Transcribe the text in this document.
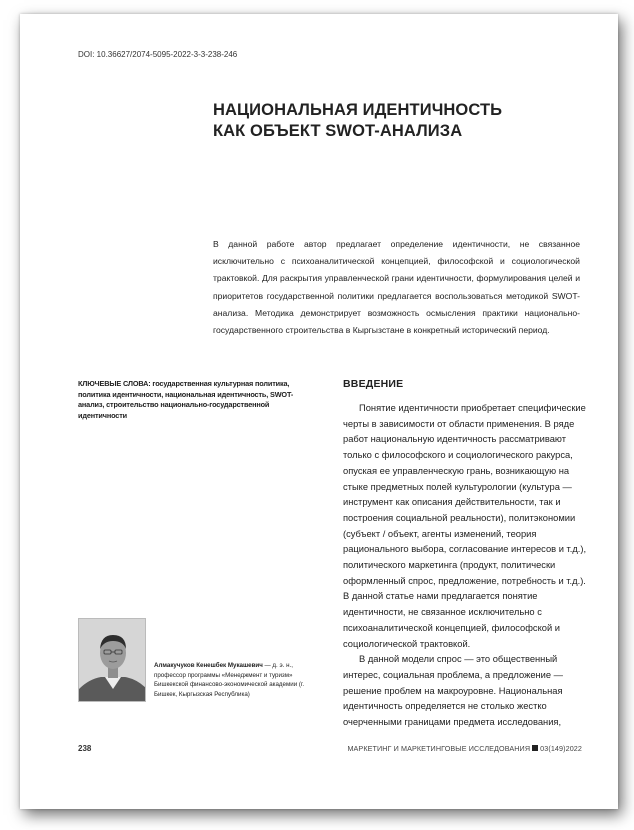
DOI: 10.36627/2074-5095-2022-3-3-238-246
НАЦИОНАЛЬНАЯ ИДЕНТИЧНОСТЬ
КАК ОБЪЕКТ SWOT-АНАЛИЗА
В данной работе автор предлагает определение идентичности, не связанное исключительно с психоаналитической концепцией, философской и социологической трактовкой. Для раскрытия управленческой грани идентичности, формулирования целей и приоритетов государственной политики предлагается воспользоваться методикой SWOT-анализа. Методика демонстрирует возможность осмысления практики национально-государственного строительства в Кыргызстане в конкретный исторический период.
КЛЮЧЕВЫЕ СЛОВА: государственная культурная политика, политика идентичности, национальная идентичность, SWOT-анализ, строительство национально-государственной идентичности
Алмакучуков Кенешбек Мукашевич — д. э. н., профессор программы «Менеджмент и туризм» Бишкекской финансово-экономической академии (г. Бишкек, Кыргызская Республика)
ВВЕДЕНИЕ

Понятие идентичности приобретает специфические черты в зависимости от области применения. В ряде работ национальную идентичность рассматривают только с философского и социологического ракурса, опуская ее управленческую грань, возникающую на стыке предметных полей культурологии (культура — инструмент как описания действительности, так и построения социальной реальности), политэкономии (субъект / объект, агенты изменений, теория рационального выбора, согласование интересов и т.д.), политического маркетинга (продукт, политически оформленный спрос, предложение, потребность и т.д.). В данной статье нами предлагается понятие идентичности, не связанное исключительно с психоаналитической концепцией, философской и социологической трактовкой.

В данной модели спрос — это общественный интерес, социальная проблема, а предложение — решение проблем на макроуровне. Национальная идентичность определяется не столько жестко очерченными границами предмета исследования,

238	МАРКЕТИНГ И МАРКЕТИНГОВЫЕ ИССЛЕДОВАНИЯ 03(149)2022
